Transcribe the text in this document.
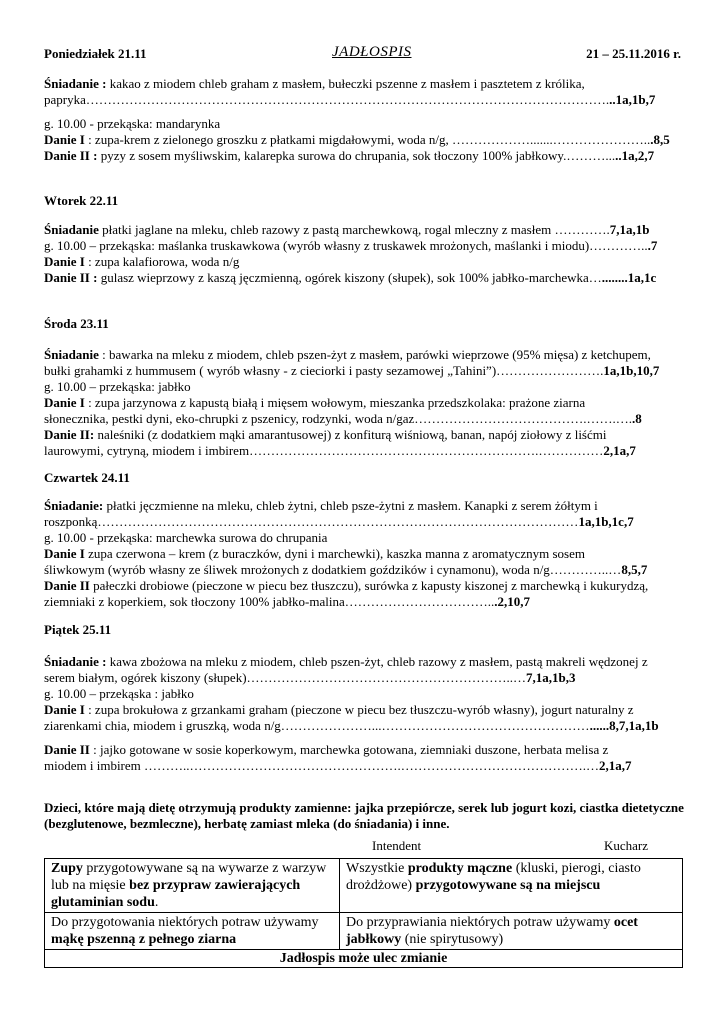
Poniedziałek 21.11	JADŁOSPIS	21 – 25.11.2016 r.
Śniadanie : kakao z miodem chleb graham z masłem, bułeczki pszenne z masłem i pasztetem z królika,
papryka…………………………………………………………………………………………………………...1a,1b,7
g. 10.00 - przekąska: mandarynka
Danie I : zupa-krem z zielonego groszku z płatkami migdałowymi, woda n/g, ……………….......…………………...8,5
Danie II : pyzy z sosem myśliwskim, kalarepka surowa do chrupania, sok tłoczony 100% jabłkowy.……….....1a,2,7
Wtorek 22.11
Śniadanie płatki jaglane na mleku, chleb razowy z pastą marchewkową, rogal mleczny z masłem ………….7,1a,1b
g. 10.00 – przekąska: maślanka truskawkowa (wyrób własny z truskawek mrożonych, maślanki i miodu)…………...7
Danie I : zupa kalafiorowa, woda n/g
Danie II : gulasz wieprzowy z kaszą jęczmienną, ogórek kiszony (słupek), sok 100% jabłko-marchewka…........1a,1c
Środa 23.11
Śniadanie : bawarka na mleku z miodem, chleb pszen-żyt z masłem, parówki wieprzowe (95% mięsa) z ketchupem,
bułki grahamki z hummusem ( wyrób własny - z cieciorki i pasty sezamowej „Tahini”)…………………….1a,1b,10,7
g. 10.00 – przekąska: jabłko
Danie I : zupa jarzynowa z kapustą białą i mięsem wołowym, mieszanka przedszkolaka: prażone ziarna
słonecznika, pestki dyni, eko-chrupki z pszenicy, rodzynki, woda n/gaz………………………………….…….…..8
Danie II: naleśniki (z dodatkiem mąki amarantusowej) z konfiturą wiśniową, banan, napój ziołowy z liśćmi
laurowymi, cytryną, miodem i imbirem………………………………………………………….……………2,1a,7
Czwartek 24.11
Śniadanie: płatki jęczmienne na mleku, chleb żytni, chleb psze-żytni z masłem. Kanapki z serem żółtym i
roszponką…………………………………………………………………………………………………1a,1b,1c,7
g. 10.00 - przekąska: marchewka surowa do chrupania
Danie I zupa czerwona – krem (z buraczków, dyni i marchewki), kaszka manna z aromatycznym sosem
śliwkowym (wyrób własny ze śliwek mrożonych z dodatkiem goździków i cynamonu), woda n/g…………..…8,5,7
Danie II pałeczki drobiowe (pieczone w piecu bez tłuszczu), surówka z kapusty kiszonej z marchewką i kukurydzą,
ziemniaki z koperkiem, sok tłoczony 100% jabłko-malina……………………………...2,10,7
Piątek 25.11
Śniadanie : kawa zbożowa na mleku z miodem, chleb pszen-żyt, chleb razowy z masłem, pastą makreli wędzonej z
serem białym, ogórek kiszony (słupek)……………………………………………………..…7,1a,1b,3
g. 10.00 – przekąska : jabłko
Danie I : zupa brokułowa z grzankami graham (pieczone w piecu bez tłuszczu-wyrób własny), jogurt naturalny z
ziarenkami chia, miodem i gruszką, woda n/g…………………...…………………………………………......8,7,1a,1b
Danie II : jajko gotowane w sosie koperkowym, marchewka gotowana, ziemniaki duszone, herbata melisa z
miodem i imbirem ………..………………………………………….…………………………………….…2,1a,7
Dzieci, które mają dietę otrzymują produkty zamienne: jajka przepiórcze, serek lub jogurt kozi, ciastka dietetyczne (bezglutenowe, bezmleczne), herbatę zamiast mleka (do śniadania) i inne.
Intendent	Kucharz
Zupy przygotowywane są na wywarze z warzyw lub na mięsie bez przypraw zawierających glutaminian sodu.	Wszystkie produkty mączne (kluski, pierogi, ciasto drożdżowe) przygotowywane są na miejscu
Do przygotowania niektórych potraw używamy mąkę pszenną z pełnego ziarna	Do przyprawiania niektórych potraw używamy ocet jabłkowy (nie spirytusowy)
Jadłospis może ulec zmianie	
